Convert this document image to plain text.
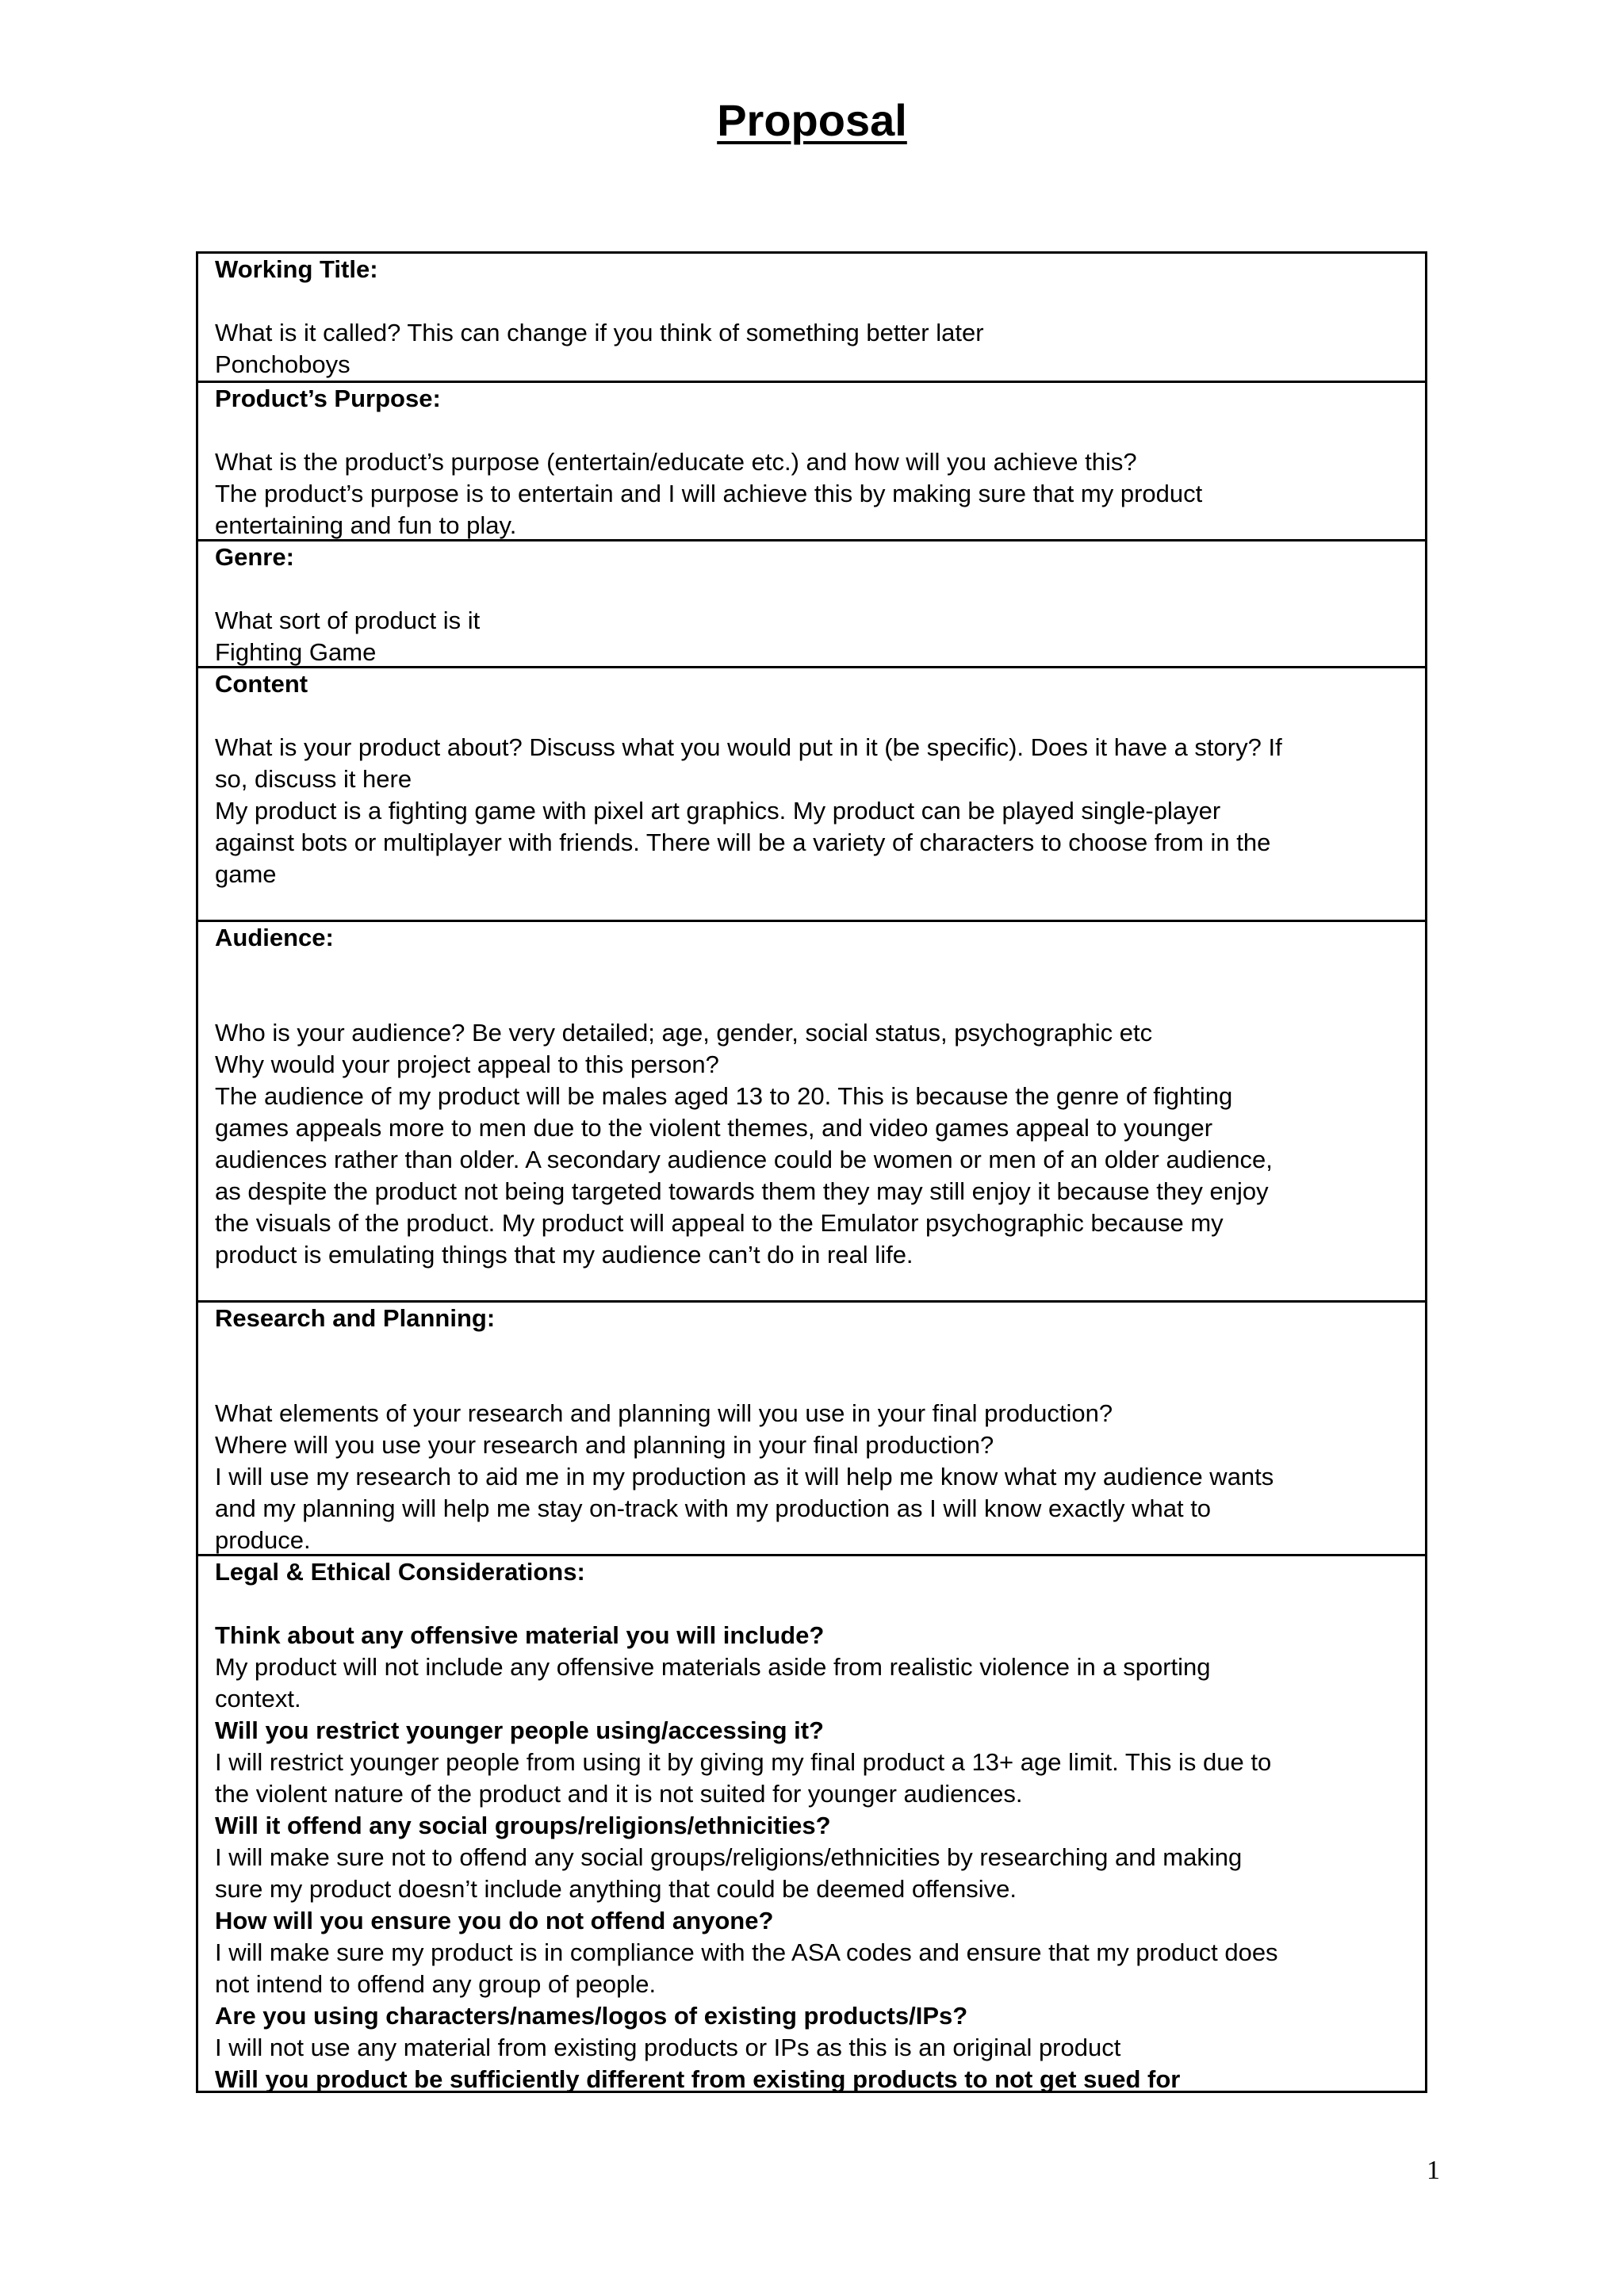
Proposal

Working Title:

What is it called? This can change if you think of something better later

Ponchoboys

Product’s Purpose:

What is the product’s purpose (entertain/educate etc.) and how will you achieve this?

The product’s purpose is to entertain and I will achieve this by making sure that my product

entertaining and fun to play.

Genre:

What sort of product is it

Fighting Game

Content

What is your product about? Discuss what you would put in it (be specific). Does it have a story? If

so, discuss it here

My product is a fighting game with pixel art graphics. My product can be played single-player

against bots or multiplayer with friends. There will be a variety of characters to choose from in the

game

Audience:

Who is your audience? Be very detailed; age, gender, social status, psychographic etc

Why would your project appeal to this person?

The audience of my product will be males aged 13 to 20. This is because the genre of fighting

games appeals more to men due to the violent themes, and video games appeal to younger

audiences rather than older. A secondary audience could be women or men of an older audience,

as despite the product not being targeted towards them they may still enjoy it because they enjoy

the visuals of the product. My product will appeal to the Emulator psychographic because my

product is emulating things that my audience can’t do in real life.

Research and Planning:

What elements of your research and planning will you use in your final production?

Where will you use your research and planning in your final production?

I will use my research to aid me in my production as it will help me know what my audience wants

and my planning will help me stay on-track with my production as I will know exactly what to

produce.

Legal & Ethical Considerations:

Think about any offensive material you will include?

My product will not include any offensive materials aside from realistic violence in a sporting

context.

Will you restrict younger people using/accessing it?

I will restrict younger people from using it by giving my final product a 13+ age limit. This is due to

the violent nature of the product and it is not suited for younger audiences.

Will it offend any social groups/religions/ethnicities?

I will make sure not to offend any social groups/religions/ethnicities by researching and making

sure my product doesn’t include anything that could be deemed offensive.

How will you ensure you do not offend anyone?

I will make sure my product is in compliance with the ASA codes and ensure that my product does

not intend to offend any group of people.

Are you using characters/names/logos of existing products/IPs?

I will not use any material from existing products or IPs as this is an original product

Will you product be sufficiently different from existing products to not get sued for

1
